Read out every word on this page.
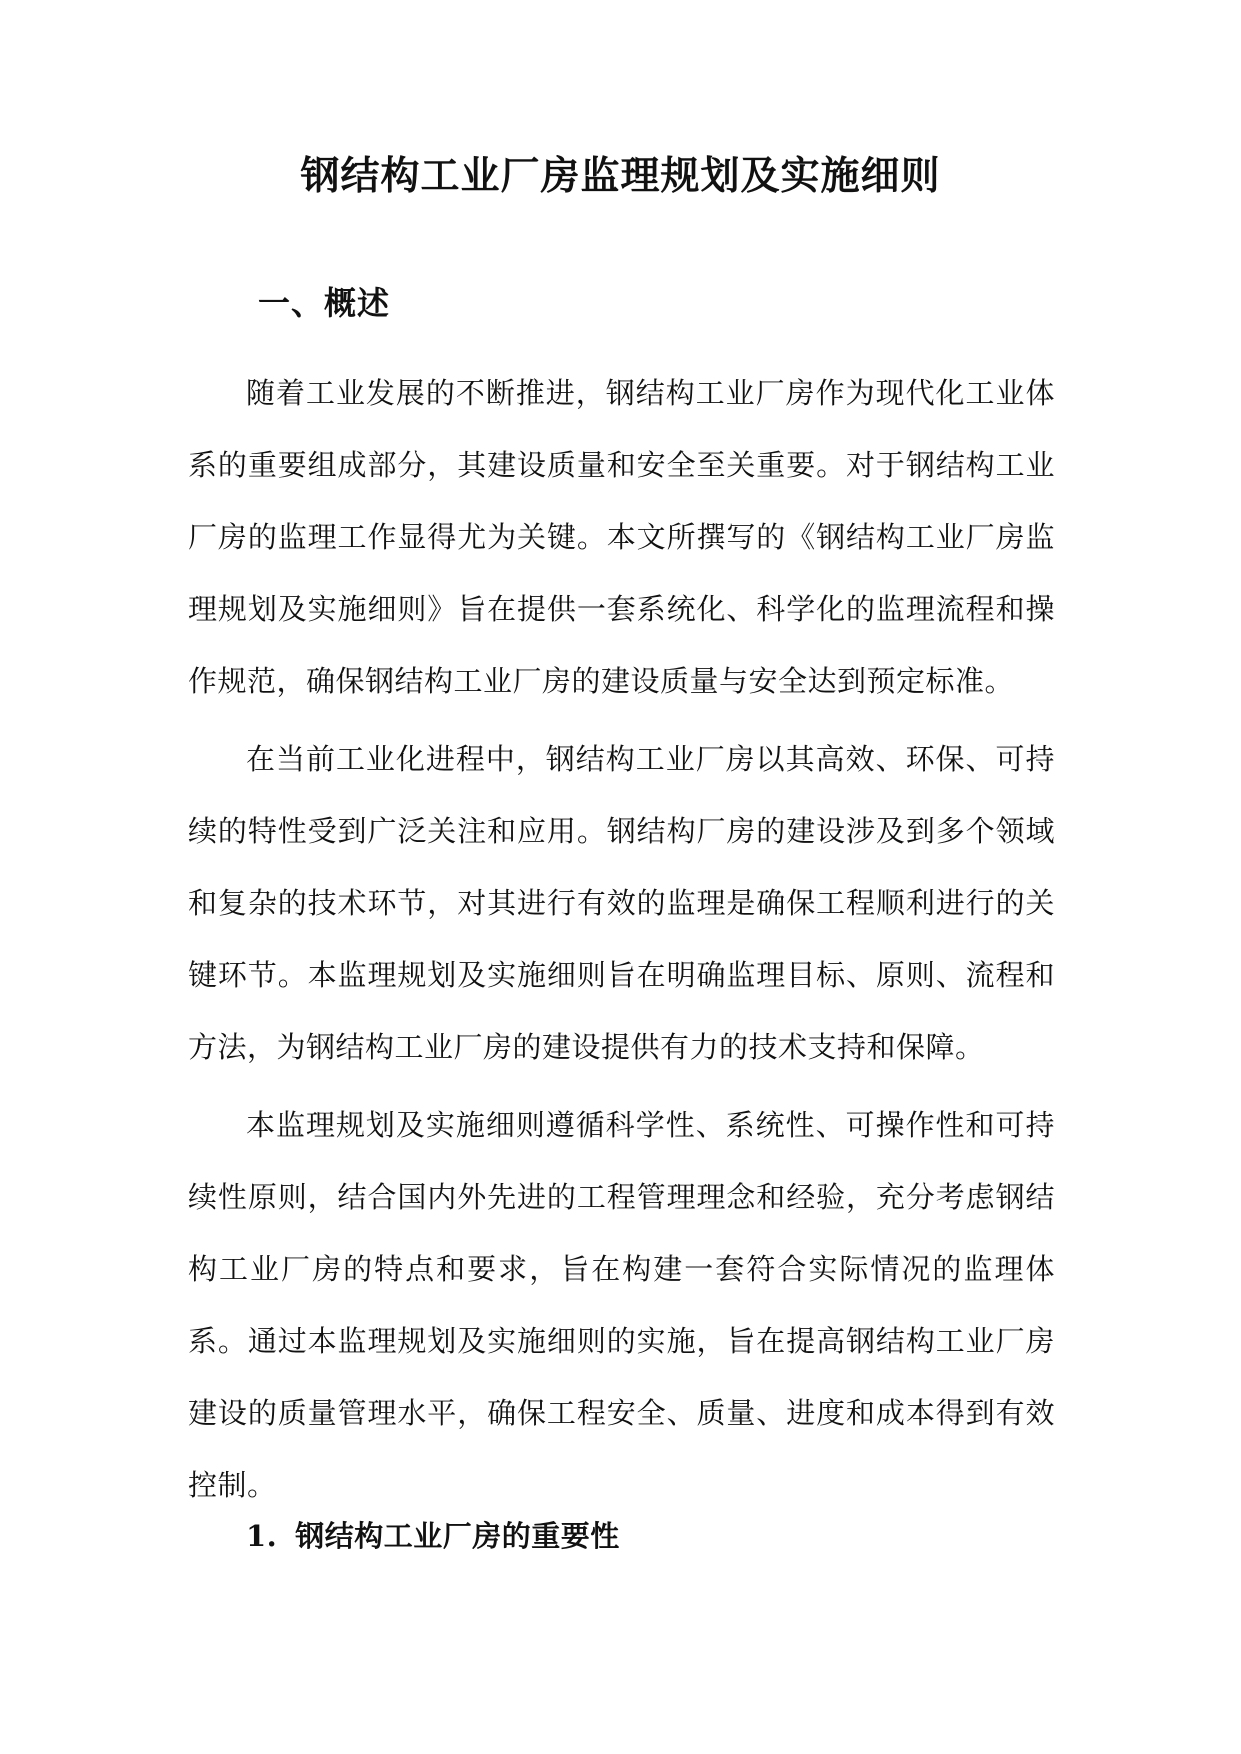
钢结构工业厂房监理规划及实施细则
一、概述

随着工业发展的不断推进，钢结构工业厂房作为现代化工业体系的重要组成部分，其建设质量和安全至关重要。对于钢结构工业厂房的监理工作显得尤为关键。本文所撰写的《钢结构工业厂房监理规划及实施细则》旨在提供一套系统化、科学化的监理流程和操作规范，确保钢结构工业厂房的建设质量与安全达到预定标准。

在当前工业化进程中，钢结构工业厂房以其高效、环保、可持续的特性受到广泛关注和应用。钢结构厂房的建设涉及到多个领域和复杂的技术环节，对其进行有效的监理是确保工程顺利进行的关键环节。本监理规划及实施细则旨在明确监理目标、原则、流程和方法，为钢结构工业厂房的建设提供有力的技术支持和保障。

本监理规划及实施细则遵循科学性、系统性、可操作性和可持续性原则，结合国内外先进的工程管理理念和经验，充分考虑钢结构工业厂房的特点和要求，旨在构建一套符合实际情况的监理体系。通过本监理规划及实施细则的实施，旨在提高钢结构工业厂房建设的质量管理水平，确保工程安全、质量、进度和成本得到有效控制。

1. 钢结构工业厂房的重要性
